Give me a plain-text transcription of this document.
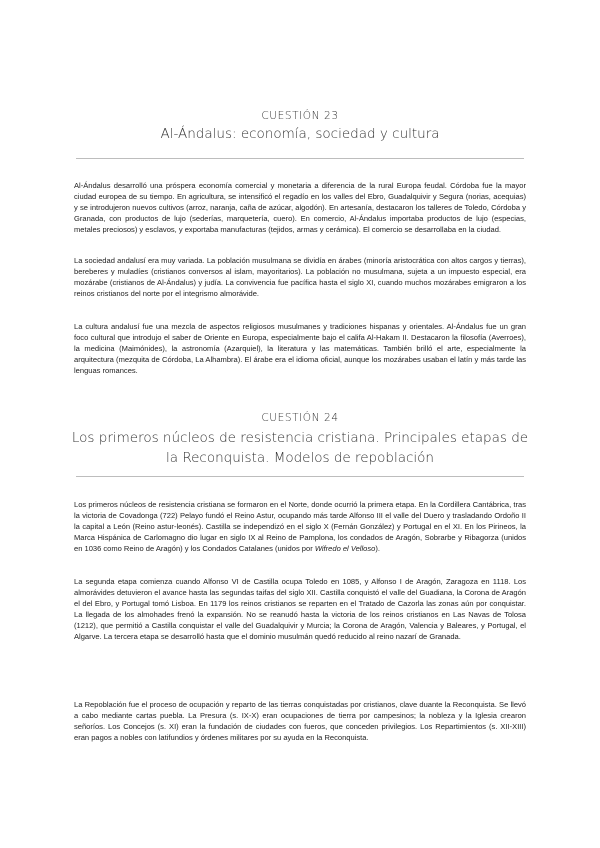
CUESTIÓN 23
Al-Ándalus: economía, sociedad y cultura
Al-Ándalus desarrolló una próspera economía comercial y monetaria a diferencia de la rural Europa feudal. Córdoba fue la mayor ciudad europea de su tiempo. En agricultura, se intensificó el regadío en los valles del Ebro, Guadalquivir y Segura (norias, acequias) y se introdujeron nuevos cultivos (arroz, naranja, caña de azúcar, algodón). En artesanía, destacaron los talleres de Toledo, Córdoba y Granada, con productos de lujo (sederías, marquetería, cuero). En comercio, Al-Ándalus importaba productos de lujo (especias, metales preciosos) y esclavos, y exportaba manufacturas (tejidos, armas y cerámica). El comercio se desarrollaba en la ciudad.
La sociedad andalusí era muy variada. La población musulmana se dividía en árabes (minoría aristocrática con altos cargos y tierras), bereberes y muladíes (cristianos conversos al islam, mayoritarios). La población no musulmana, sujeta a un impuesto especial, era mozárabe (cristianos de Al-Ándalus) y judía. La convivencia fue pacífica hasta el siglo XI, cuando muchos mozárabes emigraron a los reinos cristianos del norte por el integrismo almorávide.
La cultura andalusí fue una mezcla de aspectos religiosos musulmanes y tradiciones hispanas y orientales. Al-Ándalus fue un gran foco cultural que introdujo el saber de Oriente en Europa, especialmente bajo el califa Al-Hakam II. Destacaron la filosofía (Averroes), la medicina (Maimónides), la astronomía (Azarquiel), la literatura y las matemáticas. También brilló el arte, especialmente la arquitectura (mezquita de Córdoba, La Alhambra). El árabe era el idioma oficial, aunque los mozárabes usaban el latín y más tarde las lenguas romances.
CUESTIÓN 24
Los primeros núcleos de resistencia cristiana. Principales etapas de la Reconquista. Modelos de repoblación
Los primeros núcleos de resistencia cristiana se formaron en el Norte, donde ocurrió la primera etapa. En la Cordillera Cantábrica, tras la victoria de Covadonga (722) Pelayo fundó el Reino Astur, ocupando más tarde Alfonso III el valle del Duero y trasladando Ordoño II la capital a León (Reino astur-leonés). Castilla se independizó en el siglo X (Fernán González) y Portugal en el XI. En los Pirineos, la Marca Hispánica de Carlomagno dio lugar en siglo IX al Reino de Pamplona, los condados de Aragón, Sobrarbe y Ribagorza (unidos en 1036 como Reino de Aragón) y los Condados Catalanes (unidos por Wifredo el Velloso).
La segunda etapa comienza cuando Alfonso VI de Castilla ocupa Toledo en 1085, y Alfonso I de Aragón, Zaragoza en 1118. Los almorávides detuvieron el avance hasta las segundas taifas del siglo XII. Castilla conquistó el valle del Guadiana, la Corona de Aragón el del Ebro, y Portugal tomó Lisboa. En 1179 los reinos cristianos se reparten en el Tratado de Cazorla las zonas aún por conquistar. La llegada de los almohades frenó la expansión. No se reanudó hasta la victoria de los reinos cristianos en Las Navas de Tolosa (1212), que permitió a Castilla conquistar el valle del Guadalquivir y Murcia; la Corona de Aragón, Valencia y Baleares, y Portugal, el Algarve. La tercera etapa se desarrolló hasta que el dominio musulmán quedó reducido al reino nazarí de Granada.
La Repoblación fue el proceso de ocupación y reparto de las tierras conquistadas por cristianos, clave duante la Reconquista. Se llevó a cabo mediante cartas puebla. La Presura (s. IX-X) eran ocupaciones de tierra por campesinos; la nobleza y la Iglesia crearon señoríos. Los Concejos (s. XI) eran la fundación de ciudades con fueros, que conceden privilegios. Los Repartimientos (s. XII-XIII) eran pagos a nobles con latifundios y órdenes militares por su ayuda en la Reconquista.
